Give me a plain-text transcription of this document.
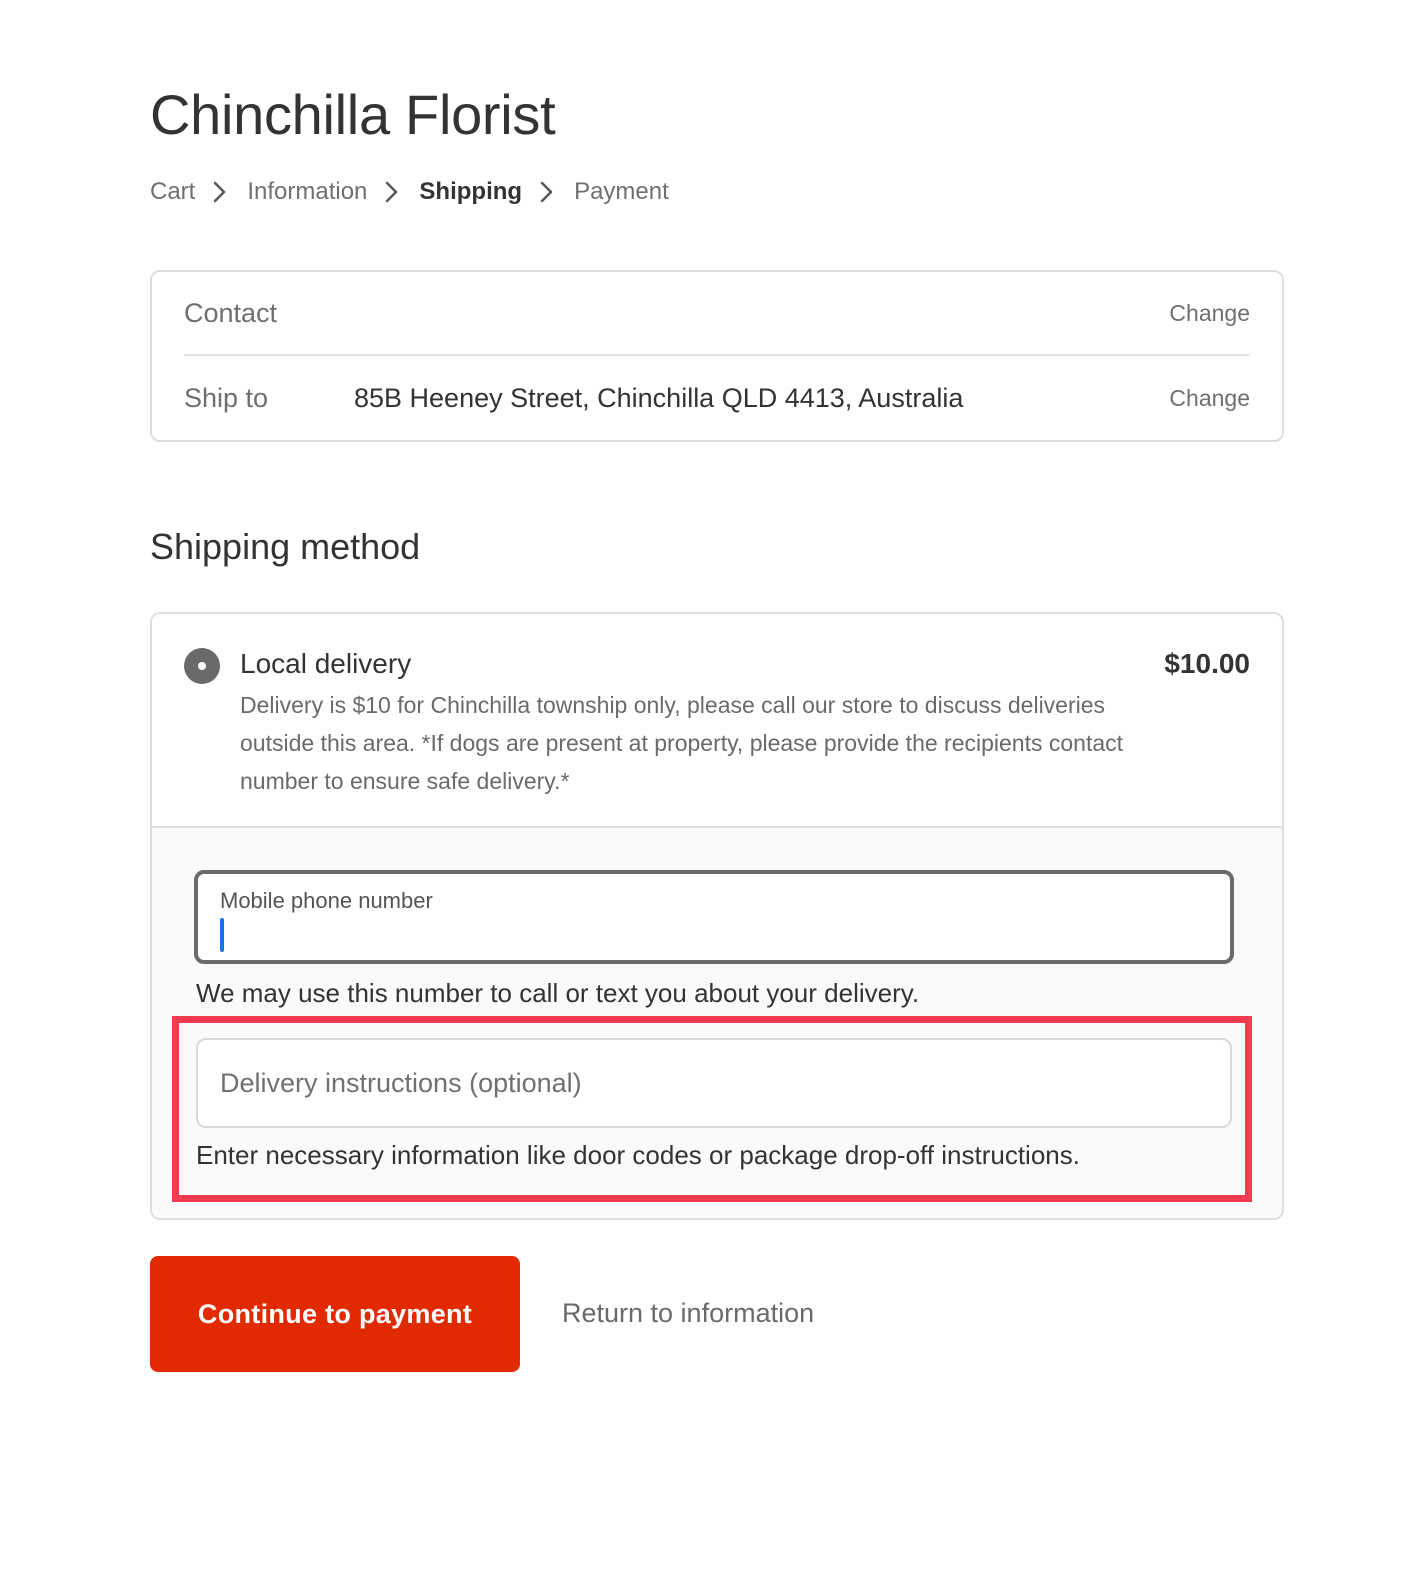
Chinchilla Florist
Cart Information Shipping Payment
Contact	Change
Ship to	85B Heeney Street, Chinchilla QLD 4413, Australia	Change
Shipping method
Local delivery	$10.00

Delivery is $10 for Chinchilla township only, please call our store to discuss deliveries outside this area. *If dogs are present at property, please provide the recipients contact number to ensure safe delivery.*

Mobile phone number

We may use this number to call or text you about your delivery.

Delivery instructions (optional)

Enter necessary information like door codes or package drop-off instructions.

Continue to payment	Return to information
